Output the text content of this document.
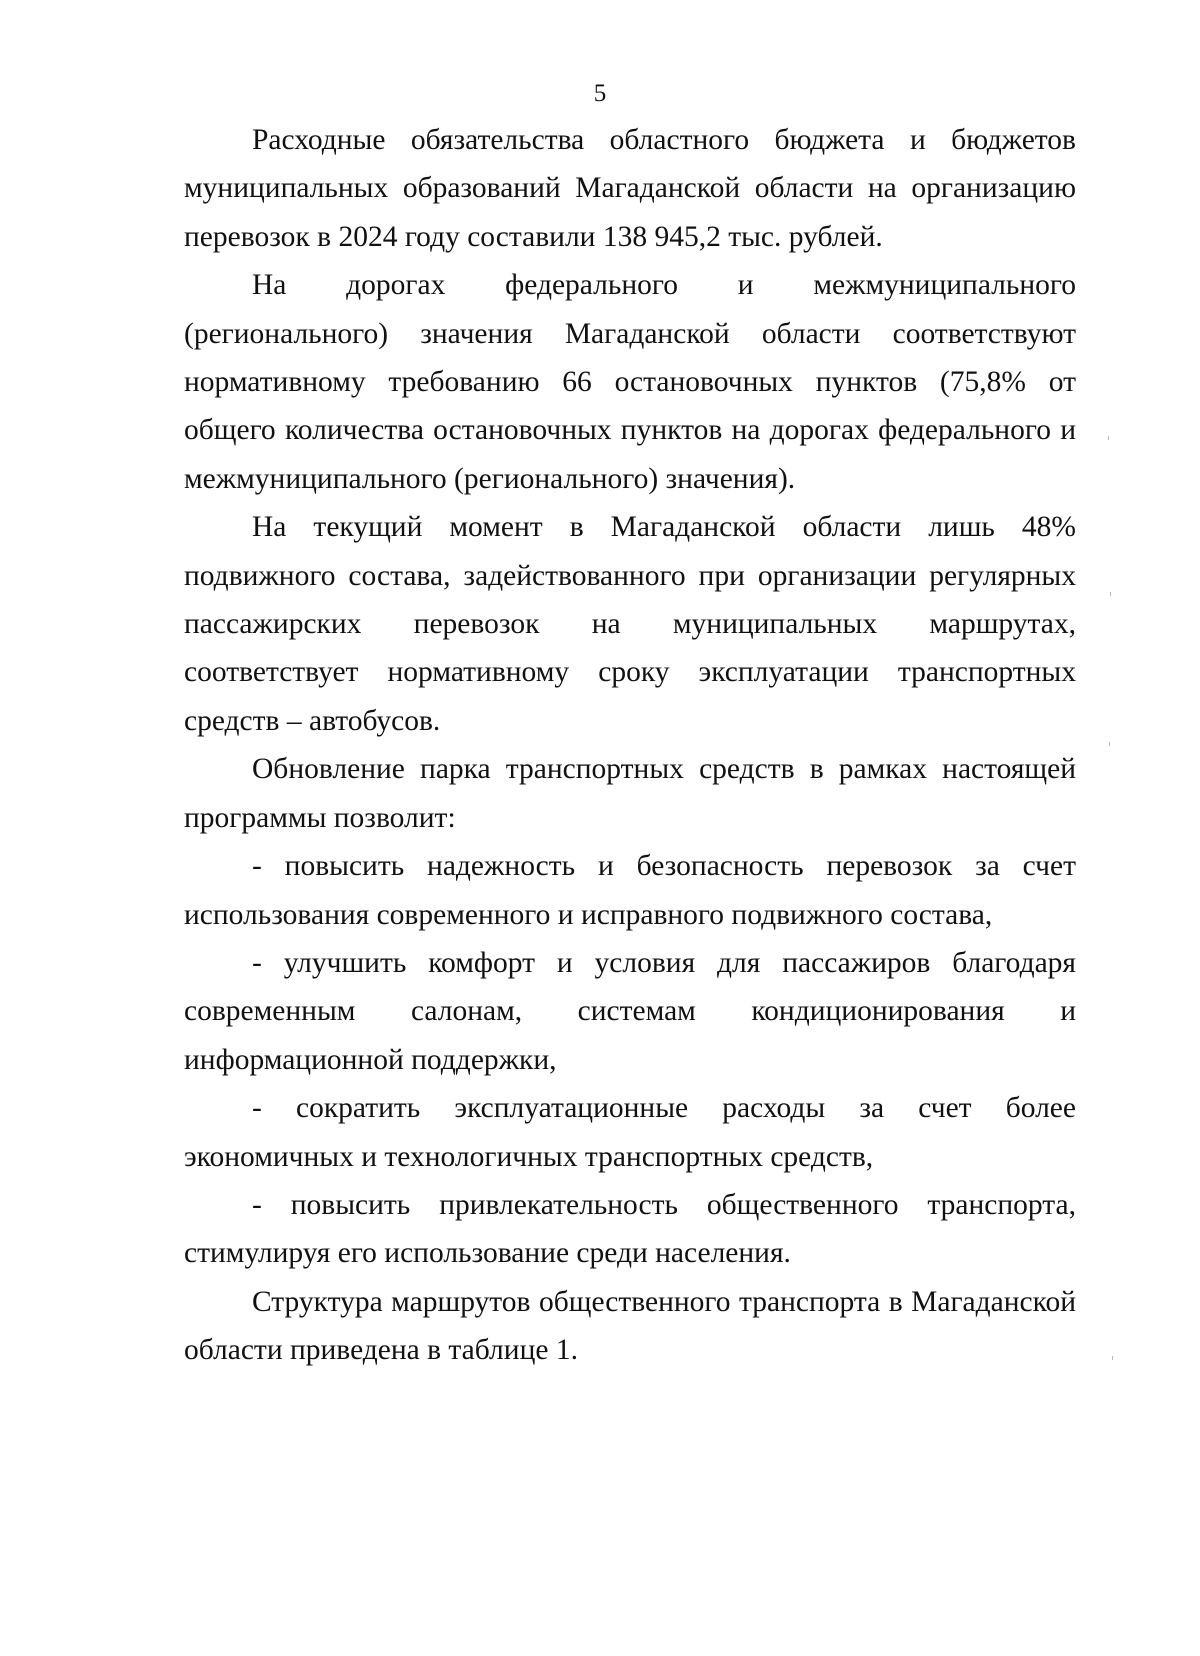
5

Расходные обязательства областного бюджета и бюджетов муниципальных образований Магаданской области на организацию перевозок в 2024 году составили 138 945,2 тыс. рублей.

На дорогах федерального и межмуниципального (регионального) значения Магаданской области соответствуют нормативному требованию 66 остановочных пунктов (75,8% от общего количества остановочных пунктов на дорогах федерального и межмуниципального (регионального) значения).

На текущий момент в Магаданской области лишь 48% подвижного состава, задействованного при организации регулярных пассажирских перевозок на муниципальных маршрутах, соответствует нормативному сроку эксплуатации транспортных средств – автобусов.

Обновление парка транспортных средств в рамках настоящей программы позволит:

- повысить надежность и безопасность перевозок за счет использования современного и исправного подвижного состава,

- улучшить комфорт и условия для пассажиров благодаря современным салонам, системам кондиционирования и информационной поддержки,

- сократить эксплуатационные расходы за счет более экономичных и технологичных транспортных средств,

- повысить привлекательность общественного транспорта, стимулируя его использование среди населения.

Структура маршрутов общественного транспорта в Магаданской области приведена в таблице 1.
